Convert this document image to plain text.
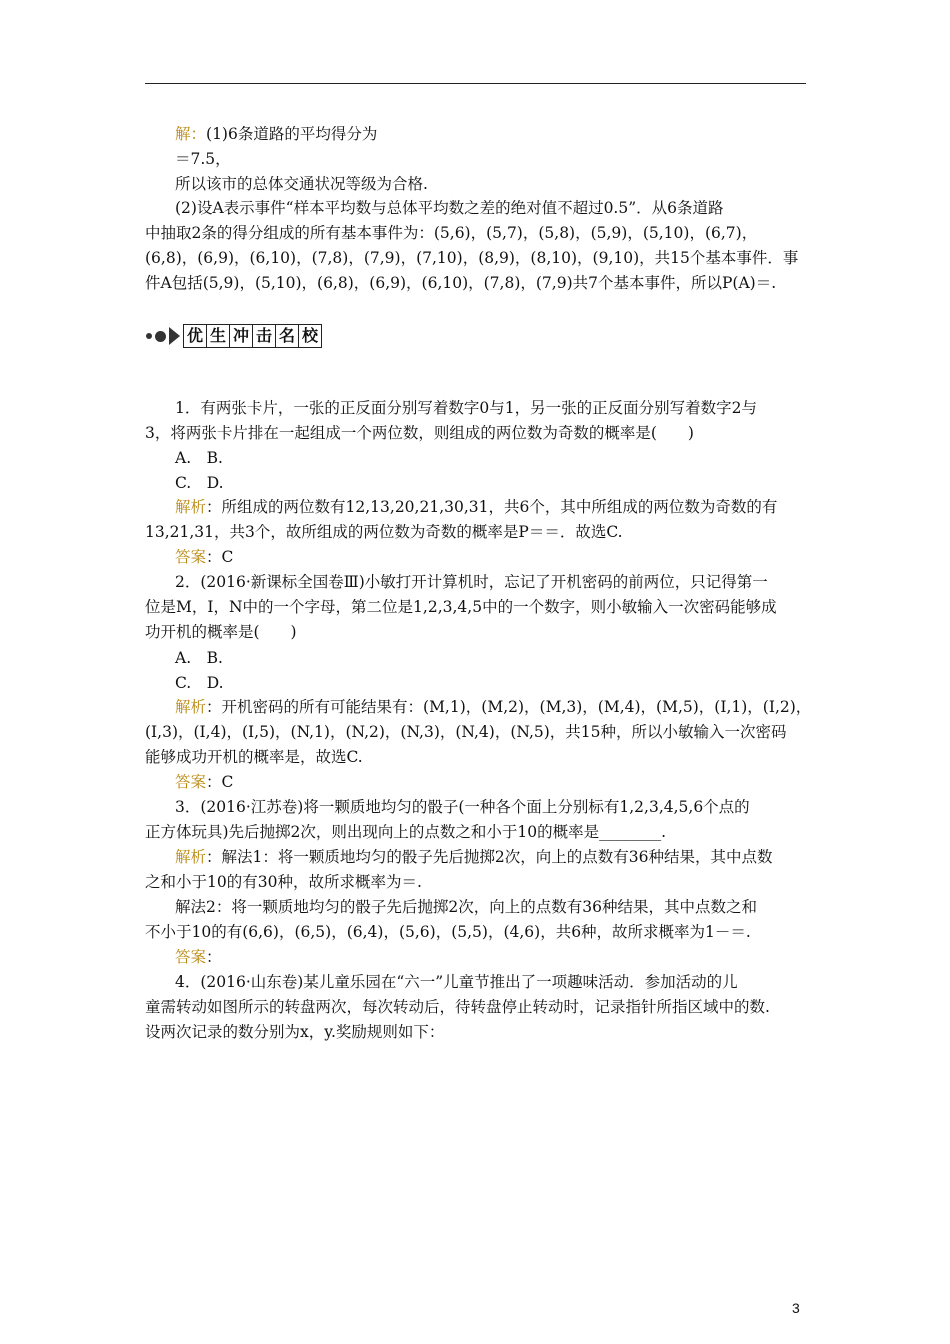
解：(1)6条道路的平均得分为
＝7.5，
所以该市的总体交通状况等级为合格.
(2)设A表示事件“样本平均数与总体平均数之差的绝对值不超过0.5”．从6条道路
中抽取2条的得分组成的所有基本事件为：(5,6)，(5,7)，(5,8)，(5,9)，(5,10)，(6,7)，
(6,8)，(6,9)，(6,10)，(7,8)，(7,9)，(7,10)，(8,9)，(8,10)，(9,10)，共15个基本事件．事
件A包括(5,9)，(5,10)，(6,8)，(6,9)，(6,10)，(7,8)，(7,9)共7个基本事件，所以P(A)＝.
优 生 冲 击 名 校
1．有两张卡片，一张的正反面分别写着数字0与1，另一张的正反面分别写着数字2与
3，将两张卡片排在一起组成一个两位数，则组成的两位数为奇数的概率是(　　)
A.　B.
C.　D.
解析：所组成的两位数有12,13,20,21,30,31，共6个，其中所组成的两位数为奇数的有
13,21,31，共3个，故所组成的两位数为奇数的概率是P＝＝．故选C.
答案：C
2．(2016·新课标全国卷Ⅲ)小敏打开计算机时，忘记了开机密码的前两位，只记得第一
位是M，I，N中的一个字母，第二位是1,2,3,4,5中的一个数字，则小敏输入一次密码能够成
功开机的概率是(　　)
A.　B.
C.　D.
解析：开机密码的所有可能结果有：(M,1)，(M,2)，(M,3)，(M,4)，(M,5)，(I,1)，(I,2)，
(I,3)，(I,4)，(I,5)，(N,1)，(N,2)，(N,3)，(N,4)，(N,5)，共15种，所以小敏输入一次密码
能够成功开机的概率是，故选C.
答案：C
3．(2016·江苏卷)将一颗质地均匀的骰子(一种各个面上分别标有1,2,3,4,5,6个点的
正方体玩具)先后抛掷2次，则出现向上的点数之和小于10的概率是________.
解析：解法1：将一颗质地均匀的骰子先后抛掷2次，向上的点数有36种结果，其中点数
之和小于10的有30种，故所求概率为＝.
解法2：将一颗质地均匀的骰子先后抛掷2次，向上的点数有36种结果，其中点数之和
不小于10的有(6,6)，(6,5)，(6,4)，(5,6)，(5,5)，(4,6)，共6种，故所求概率为1－＝.
答案：
4．(2016·山东卷)某儿童乐园在“六一”儿童节推出了一项趣味活动．参加活动的儿
童需转动如图所示的转盘两次，每次转动后，待转盘停止转动时，记录指针所指区域中的数.
设两次记录的数分别为x，y.奖励规则如下：
3
